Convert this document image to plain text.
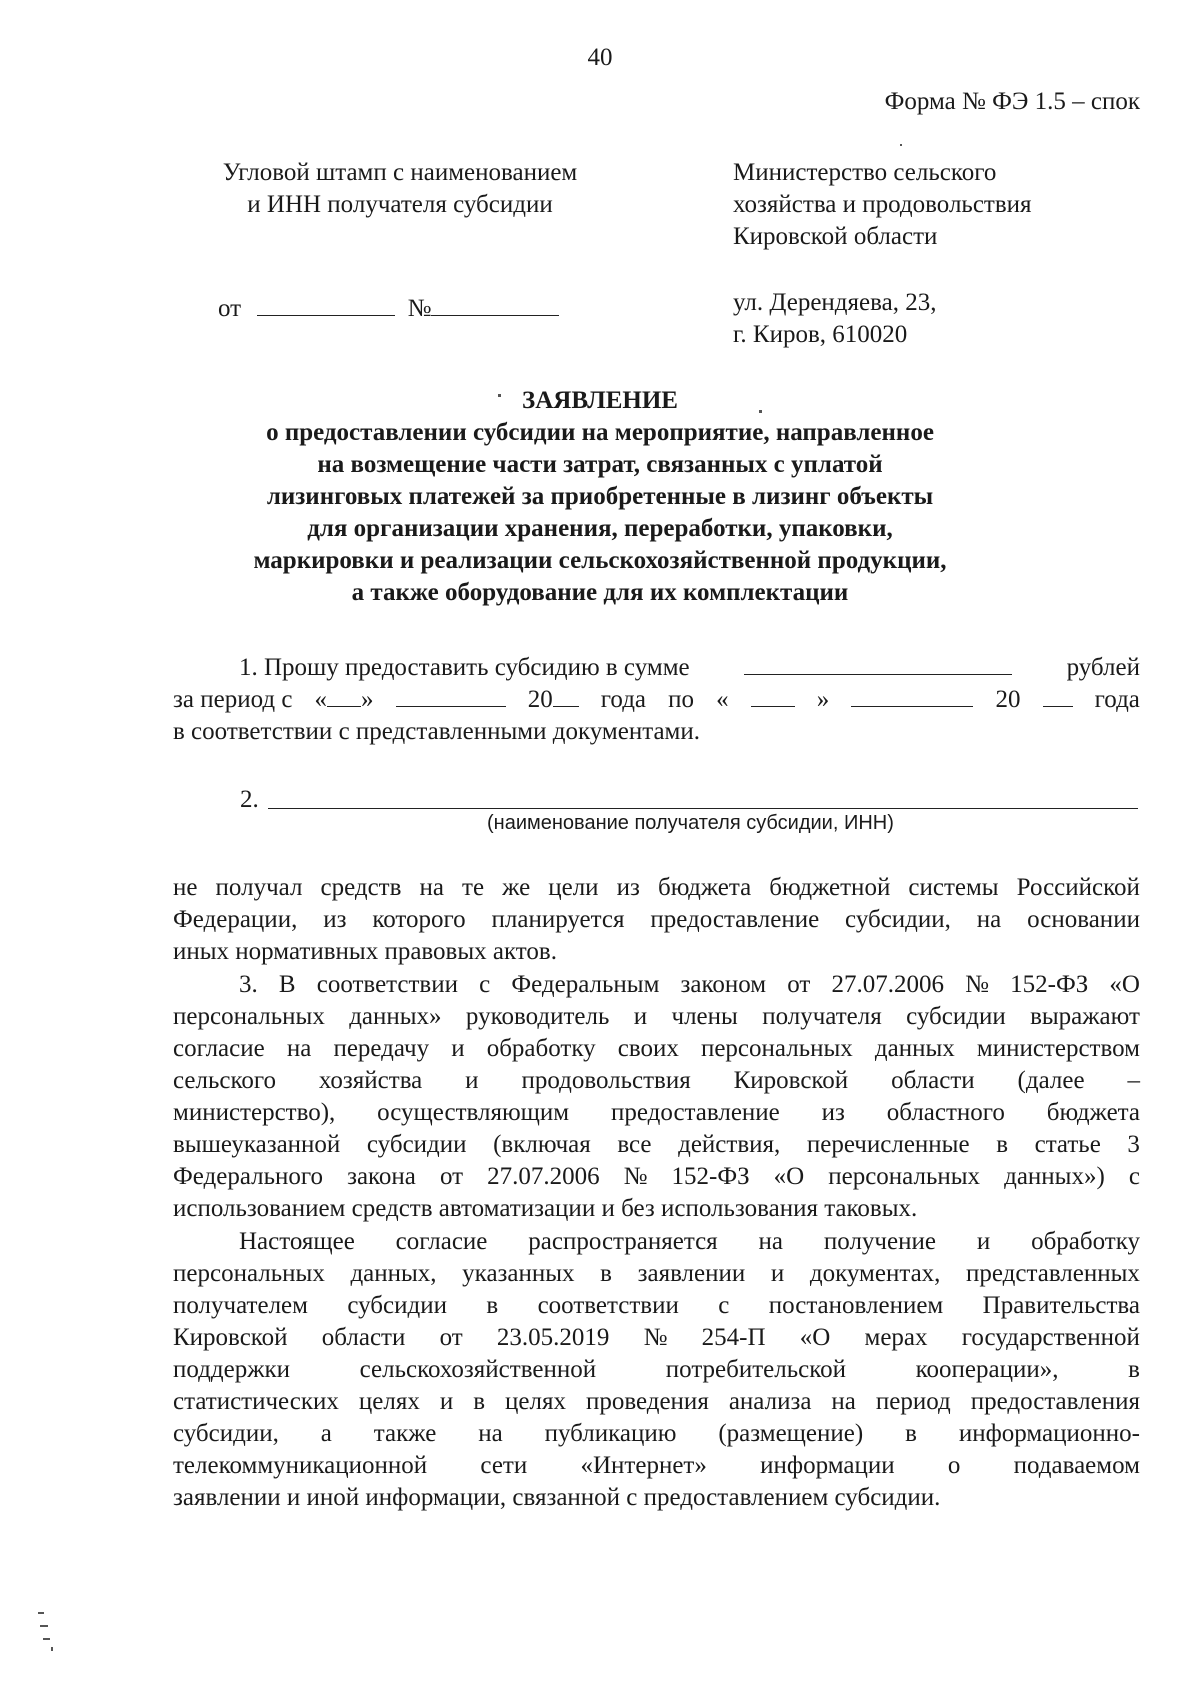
40
Форма № ФЭ 1.5 – спок
Угловой штамп с наименованием
и ИНН получателя субсидии
от	№
Министерство сельского
хозяйства и продовольствия
Кировской области
ул. Дерендяева, 23,
г. Киров, 610020
ЗАЯВЛЕНИЕ
о предоставлении субсидии на мероприятие, направленное
на возмещение части затрат, связанных с уплатой
лизинговых платежей за приобретенные в лизинг объекты
для организации хранения, переработки, упаковки,
маркировки и реализации сельскохозяйственной продукции,
а также оборудование для их комплектации
1. Прошу предоставить субсидию в сумме	рублей
за период с « »	20	года по «	»	20	года
в соответствии с представленными документами.
2.
(наименование получателя субсидии, ИНН)
не получал средств на те же цели из бюджета бюджетной системы Российской
Федерации, из которого планируется предоставление субсидии, на основании
иных нормативных правовых актов.
3. В соответствии с Федеральным законом от 27.07.2006 № 152-ФЗ «О
персональных данных» руководитель и члены получателя субсидии выражают
согласие на передачу и обработку своих персональных данных министерством
сельского хозяйства и продовольствия Кировской области (далее –
министерство), осуществляющим предоставление из областного бюджета
вышеуказанной субсидии (включая все действия, перечисленные в статье 3
Федерального закона от 27.07.2006 № 152-ФЗ «О персональных данных») с
использованием средств автоматизации и без использования таковых.
Настоящее согласие распространяется на получение и обработку
персональных данных, указанных в заявлении и документах, представленных
получателем субсидии в соответствии с постановлением Правительства
Кировской области от 23.05.2019 № 254-П «О мерах государственной
поддержки	сельскохозяйственной	потребительской	кооперации»,	в
статистических целях и в целях проведения анализа на период предоставления
субсидии, а также на публикацию (размещение) в информационно-
телекоммуникационной сети «Интернет» информации о подаваемом
заявлении и иной информации, связанной с предоставлением субсидии.
